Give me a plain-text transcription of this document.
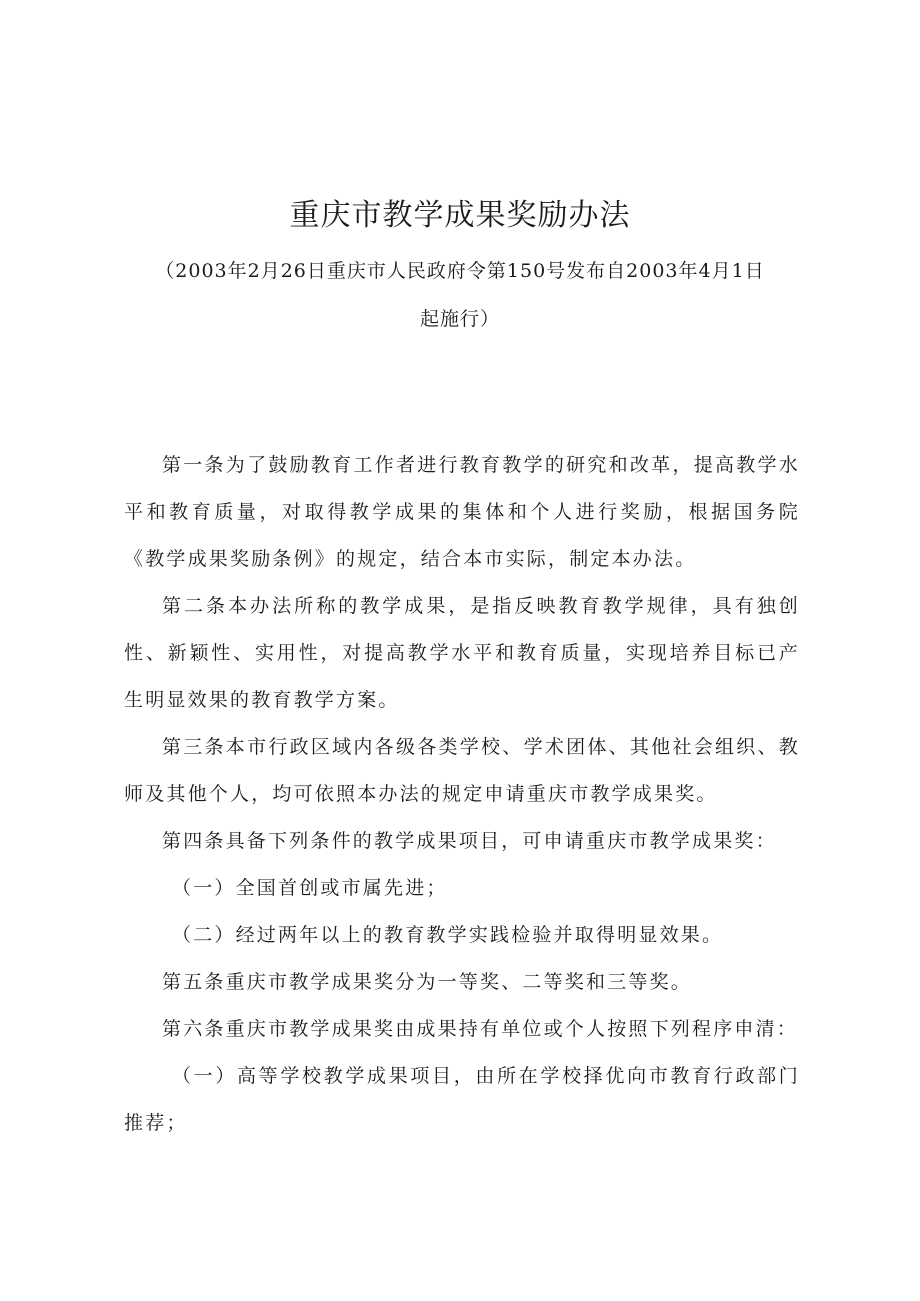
重庆市教学成果奖励办法

（2003年2月26日重庆市人民政府令第150号发布自2003年4月1日

起施行）

第一条为了鼓励教育工作者进行教育教学的研究和改革，提高教学水平和教育质量，对取得教学成果的集体和个人进行奖励，根据国务院《教学成果奖励条例》的规定，结合本市实际，制定本办法。

第二条本办法所称的教学成果，是指反映教育教学规律，具有独创性、新颖性、实用性，对提高教学水平和教育质量，实现培养目标已产生明显效果的教育教学方案。

第三条本市行政区域内各级各类学校、学术团体、其他社会组织、教师及其他个人，均可依照本办法的规定申请重庆市教学成果奖。

第四条具备下列条件的教学成果项目，可申请重庆市教学成果奖：

（一）全国首创或市属先进；

（二）经过两年以上的教育教学实践检验并取得明显效果。

第五条重庆市教学成果奖分为一等奖、二等奖和三等奖。

第六条重庆市教学成果奖由成果持有单位或个人按照下列程序申清：

（一）高等学校教学成果项目，由所在学校择优向市教育行政部门推荐；
